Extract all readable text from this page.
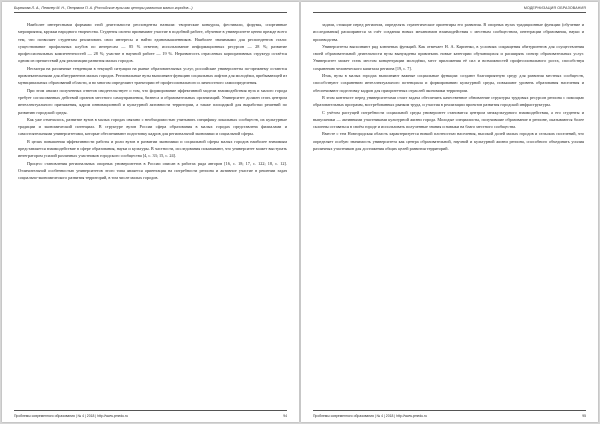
Бирюкова Л. А., Певзнер М. Н., Петряков П. А. (Российские вузы как центры развития малых городов...)

Наиболее интересными формами этой деятельности респонденты назвали: творческие конкурсы, фестивали, форумы, спортивные мероприятия, кружки народного творчества. Студенты охотно принимают участие в подобной работе, обучение в университете ценно прежде всего тем, что позволяет студентам реализовать свои интересы и найти единомышленников. Наиболее значимыми для респондентов стали: существование профильных клубов по интересам — 85 % ответов; использование информационных ресурсов — 28 %; развитие профессиональных компетентностей — 28 %; участие в научной работе — 19 %. Неразвитость отраслевых корпоративных структур остаётся одним из препятствий для реализации развития малых городов.

Несмотря на различные тенденции в текущей ситуации на рынке образовательных услуг, российские университеты по-прежнему остаются привлекательными для абитуриентов малых городов. Региональные вузы выполняют функцию социальных лифтов для молодёжи, прибывающей из муниципальных образований области, и во многом определяют траектории её профессионального и личностного самоопределения.

При этом анализ полученных ответов свидетельствует о том, что формирование эффективной модели взаимодействия вуза и малого города требует согласованных действий органов местного самоуправления, бизнеса и образовательных организаций. Университет должен стать центром интеллектуального притяжения, ядром инновационной и культурной активности территории, а также площадкой для выработки решений по развитию городской среды.

Как уже отмечалось, развитие вузов в малых городах связано с необходимостью учитывать специфику локальных сообществ, их культурные традиции и экономический потенциал. В структуре вузов России сфера образования в малых городах представлена филиалами и самостоятельными университетами, которые обеспечивают подготовку кадров для региональной экономики и социальной сферы.

В целях повышения эффективности работы и роли вузов в развитии экономики и социальной сферы малых городов наиболее значимым представляется взаимодействие в сфере образования, науки и культуры. В частности, исследования показывают, что университет может выступать интегратором усилий различных участников городского сообщества [4, с. 33; 15, с. 24].

Процесс становления региональных опорных университетов в России описан в работах ряда авторов [16, с. 18; 17, с. 122; 18, с. 12]. Отличительной особенностью университетов этого типа является ориентация на потребности региона и активное участие в решении задач социально-экономического развития территорий, в том числе малых городов.

Проблемы современного образования | № 4 | 2018 | http://www.pmedu.ru	94
МОДЕРНИЗАЦИЯ ОБРАЗОВАНИЯ

задачи, стоящие перед регионом, определять стратегические ориентиры его развития. В опорных вузах традиционные функции (обучение и исследования) расширяются за счёт создания новых механизмов взаимодействия с местным сообществом, интеграции образования, науки и производства.

Университеты выполняют ряд ключевых функций. Как отмечает Н. А. Карпенко, в условиях сокращения абитуриентов для осуществления своей образовательной деятельности вузы вынуждены привлекать новые категории обучающихся и расширять спектр образовательных услуг. Университет может стать местом концентрации молодёжи, мест приложения её сил и возможностей профессионального роста, способствуя сохранению человеческого капитала региона [19, с. 7].

Итак, вузы в малых городах выполняют важные социальные функции: создают благоприятную среду для развития местных сообществ, способствуют сохранению интеллектуального потенциала и формированию культурной среды, повышают уровень образования населения и обеспечивают подготовку кадров для приоритетных отраслей экономики территории.

В этом контексте перед университетами стоит задача обеспечить качественное обновление структуры трудовых ресурсов региона с помощью образовательных программ, востребованных рынком труда, и участия в реализации проектов развития городской инфраструктуры.

С учётом растущей потребности социальной среды университет становится центром межкультурного взаимодействия, а его студенты и выпускники — активными участниками культурной жизни города. Молодые специалисты, получившие образование в регионе, оказываются более склонны оставаться в своём городе и использовать полученные знания и навыки на благо местного сообщества.

Вместе с тем Новгородская область характеризуется низкой плотностью населения, высокой долей малых городов и сельских поселений, что определяет особую значимость университета как центра образовательной, научной и культурной жизни региона, способного объединять усилия различных участников для достижения общих целей развития территорий.

Проблемы современного образования | № 4 | 2018 | http://www.pmedu.ru	95
